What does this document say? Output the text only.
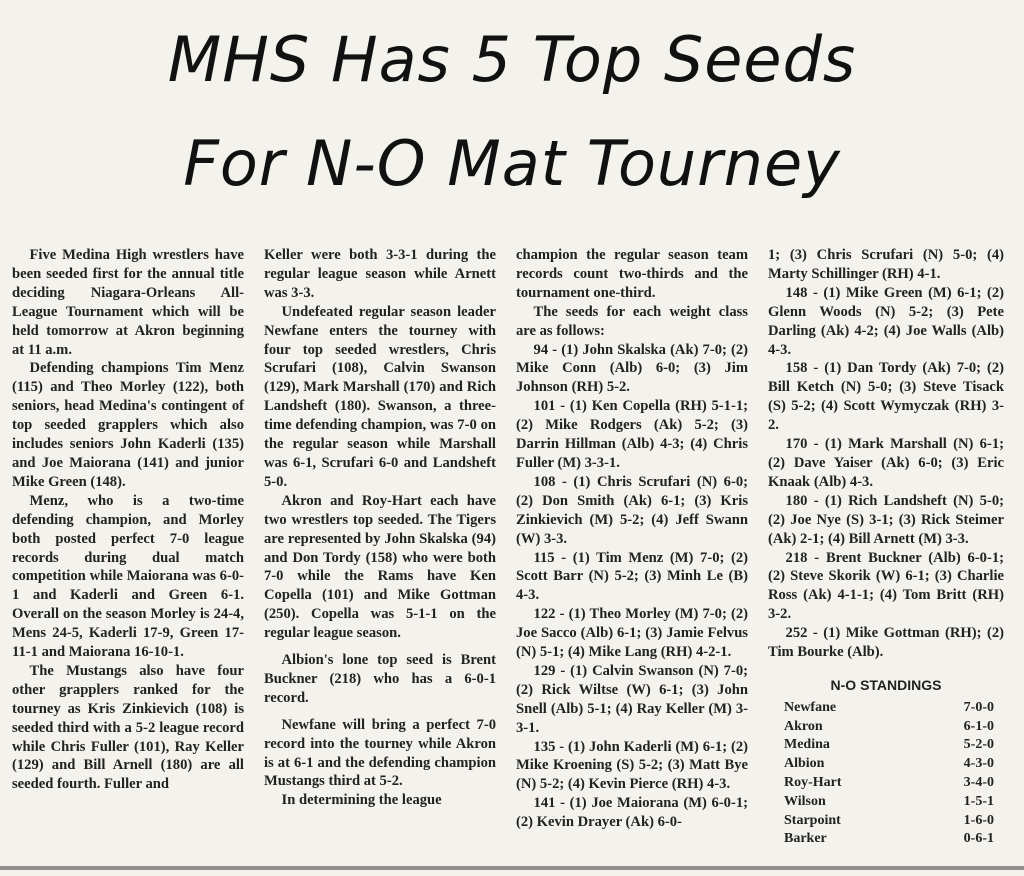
MHS Has 5 Top Seeds
For N-O Mat Tourney

Five Medina High wrestlers have been seeded first for the annual title deciding Niagara-Orleans All-League Tournament which will be held tomorrow at Akron beginning at 11 a.m.

Defending champions Tim Menz (115) and Theo Morley (122), both seniors, head Medina's contingent of top seeded grapplers which also includes seniors John Kaderli (135) and Joe Maiorana (141) and junior Mike Green (148).

Menz, who is a two-time defending champion, and Morley both posted perfect 7-0 league records during dual match competition while Maiorana was 6-0-1 and Kaderli and Green 6-1. Overall on the season Morley is 24-4, Mens 24-5, Kaderli 17-9, Green 17-11-1 and Maiorana 16-10-1.

The Mustangs also have four other grapplers ranked for the tourney as Kris Zinkievich (108) is seeded third with a 5-2 league record while Chris Fuller (101), Ray Keller (129) and Bill Arnell (180) are all seeded fourth. Fuller and

Keller were both 3-3-1 during the regular league season while Arnett was 3-3.

Undefeated regular season leader Newfane enters the tourney with four top seeded wrestlers, Chris Scrufari (108), Calvin Swanson (129), Mark Marshall (170) and Rich Landsheft (180). Swanson, a three-time defending champion, was 7-0 on the regular season while Marshall was 6-1, Scrufari 6-0 and Landsheft 5-0.

Akron and Roy-Hart each have two wrestlers top seeded. The Tigers are represented by John Skalska (94) and Don Tordy (158) who were both 7-0 while the Rams have Ken Copella (101) and Mike Gottman (250). Copella was 5-1-1 on the regular league season.

Albion's lone top seed is Brent Buckner (218) who has a 6-0-1 record.

Newfane will bring a perfect 7-0 record into the tourney while Akron is at 6-1 and the defending champion Mustangs third at 5-2.

In determining the league

champion the regular season team records count two-thirds and the tournament one-third.

The seeds for each weight class are as follows:

94 - (1) John Skalska (Ak) 7-0; (2) Mike Conn (Alb) 6-0; (3) Jim Johnson (RH) 5-2.

101 - (1) Ken Copella (RH) 5-1-1; (2) Mike Rodgers (Ak) 5-2; (3) Darrin Hillman (Alb) 4-3; (4) Chris Fuller (M) 3-3-1.

108 - (1) Chris Scrufari (N) 6-0; (2) Don Smith (Ak) 6-1; (3) Kris Zinkievich (M) 5-2; (4) Jeff Swann (W) 3-3.

115 - (1) Tim Menz (M) 7-0; (2) Scott Barr (N) 5-2; (3) Minh Le (B) 4-3.

122 - (1) Theo Morley (M) 7-0; (2) Joe Sacco (Alb) 6-1; (3) Jamie Felvus (N) 5-1; (4) Mike Lang (RH) 4-2-1.

129 - (1) Calvin Swanson (N) 7-0; (2) Rick Wiltse (W) 6-1; (3) John Snell (Alb) 5-1; (4) Ray Keller (M) 3-3-1.

135 - (1) John Kaderli (M) 6-1; (2) Mike Kroening (S) 5-2; (3) Matt Bye (N) 5-2; (4) Kevin Pierce (RH) 4-3.

141 - (1) Joe Maiorana (M) 6-0-1; (2) Kevin Drayer (Ak) 6-0-

1; (3) Chris Scrufari (N) 5-0; (4) Marty Schillinger (RH) 4-1.

148 - (1) Mike Green (M) 6-1; (2) Glenn Woods (N) 5-2; (3) Pete Darling (Ak) 4-2; (4) Joe Walls (Alb) 4-3.

158 - (1) Dan Tordy (Ak) 7-0; (2) Bill Ketch (N) 5-0; (3) Steve Tisack (S) 5-2; (4) Scott Wymyczak (RH) 3-2.

170 - (1) Mark Marshall (N) 6-1; (2) Dave Yaiser (Ak) 6-0; (3) Eric Knaak (Alb) 4-3.

180 - (1) Rich Landsheft (N) 5-0; (2) Joe Nye (S) 3-1; (3) Rick Steimer (Ak) 2-1; (4) Bill Arnett (M) 3-3.

218 - Brent Buckner (Alb) 6-0-1; (2) Steve Skorik (W) 6-1; (3) Charlie Ross (Ak) 4-1-1; (4) Tom Britt (RH) 3-2.

252 - (1) Mike Gottman (RH); (2) Tim Bourke (Alb).

N-O STANDINGS
Newfane	7-0-0
Akron	6-1-0
Medina	5-2-0
Albion	4-3-0
Roy-Hart	3-4-0
Wilson	1-5-1
Starpoint	1-6-0
Barker	0-6-1
